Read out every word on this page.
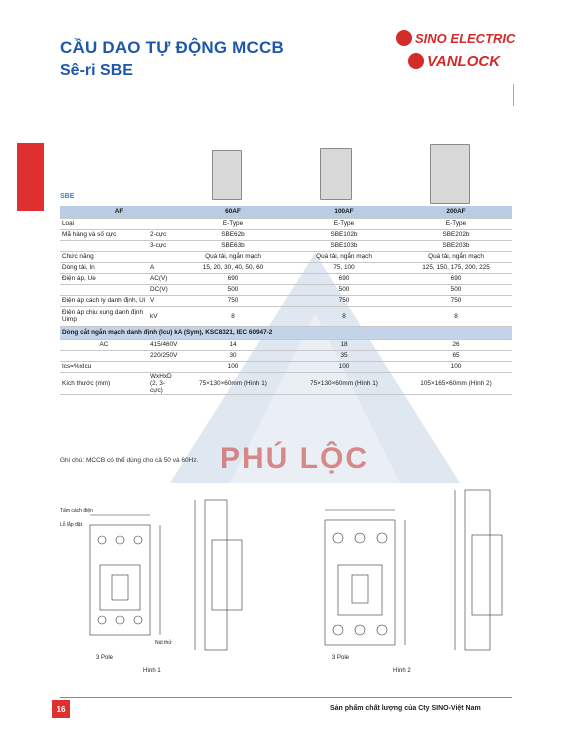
CẦU DAO TỰ ĐỘNG MCCB
Sê-ri SBE
SINO ELECTRIC
VANLOCK
SBE
AF		60AF	100AF	200AF
Loại		E-Type	E-Type	E-Type
Mã hàng và số cực	2-cực	SBE62b	SBE102b	SBE202b
	3-cực	SBE63b	SBE103b	SBE203b
Chức năng		Quá tải, ngắn mạch	Quá tải, ngắn mạch	Quá tải, ngắn mạch
Dòng tải, In	A	15, 20, 30, 40, 50, 60	75, 100	125, 150, 175, 200, 225
Điện áp, Ue	AC(V)	690	690	690
	DC(V)	500	500	500
Điện áp cách ly danh định, Ui	V	750	750	750
Điện áp chịu xung danh định Uimp	kV	8	8	8
Dòng cắt ngắn mạch danh định (Icu) kA (Sym), KSC8321, IEC 60947-2				
AC	415/460V	14	18	26
	220/250V	30	35	65
Ics=%xIcu		100	100	100
Kích thước (mm)	WxHxD (2, 3-cực)	75×130×60mm (Hình 1)	75×130×60mm (Hình 1)	105×165×60mm (Hình 2)
PHÚ LỘC
Ghi chú: MCCB có thể dùng cho cả 50 và 60Hz.
3 Pole	3 Pole
Hình 1	Hình 2
Tấm cách điện
Lỗ lắp đặt
Nút thử
16	Sản phẩm chất lượng của Cty SINO-Việt Nam
